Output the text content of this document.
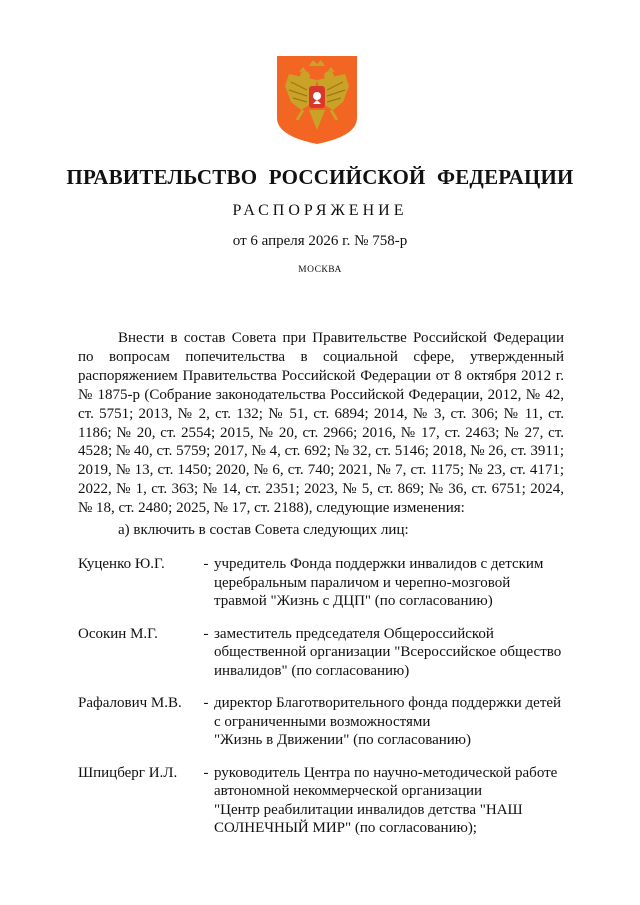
ПРАВИТЕЛЬСТВО РОССИЙСКОЙ ФЕДЕРАЦИИ
РАСПОРЯЖЕНИЕ
от 6 апреля 2026 г. № 758-р
МОСКВА

Внести в состав Совета при Правительстве Российской Федерации по вопросам попечительства в социальной сфере, утвержденный распоряжением Правительства Российской Федерации от 8 октября 2012 г. № 1875-р (Собрание законодательства Российской Федерации, 2012, № 42, ст. 5751; 2013, № 2, ст. 132; № 51, ст. 6894; 2014, № 3, ст. 306; № 11, ст. 1186; № 20, ст. 2554; 2015, № 20, ст. 2966; 2016, № 17, ст. 2463; № 27, ст. 4528; № 40, ст. 5759; 2017, № 4, ст. 692; № 32, ст. 5146; 2018, № 26, ст. 3911; 2019, № 13, ст. 1450; 2020, № 6, ст. 740; 2021, № 7, ст. 1175; № 23, ст. 4171; 2022, № 1, ст. 363; № 14, ст. 2351; 2023, № 5, ст. 869; № 36, ст. 6751; 2024, № 18, ст. 2480; 2025, № 17, ст. 2188), следующие изменения:

а) включить в состав Совета следующих лиц:
Куценко Ю.Г.	- учредитель Фонда поддержки инвалидов с детским
церебральным параличом и черепно-мозговой
травмой "Жизнь с ДЦП" (по согласованию)
Осокин М.Г.	- заместитель председателя Общероссийской
общественной организации "Всероссийское общество
инвалидов" (по согласованию)
Рафалович М.В.	- директор Благотворительного фонда поддержки детей
с ограниченными возможностями
"Жизнь в Движении" (по согласованию)
Шпицберг И.Л.	- руководитель Центра по научно-методической работе
автономной некоммерческой организации
"Центр реабилитации инвалидов детства "НАШ
СОЛНЕЧНЫЙ МИР" (по согласованию);
